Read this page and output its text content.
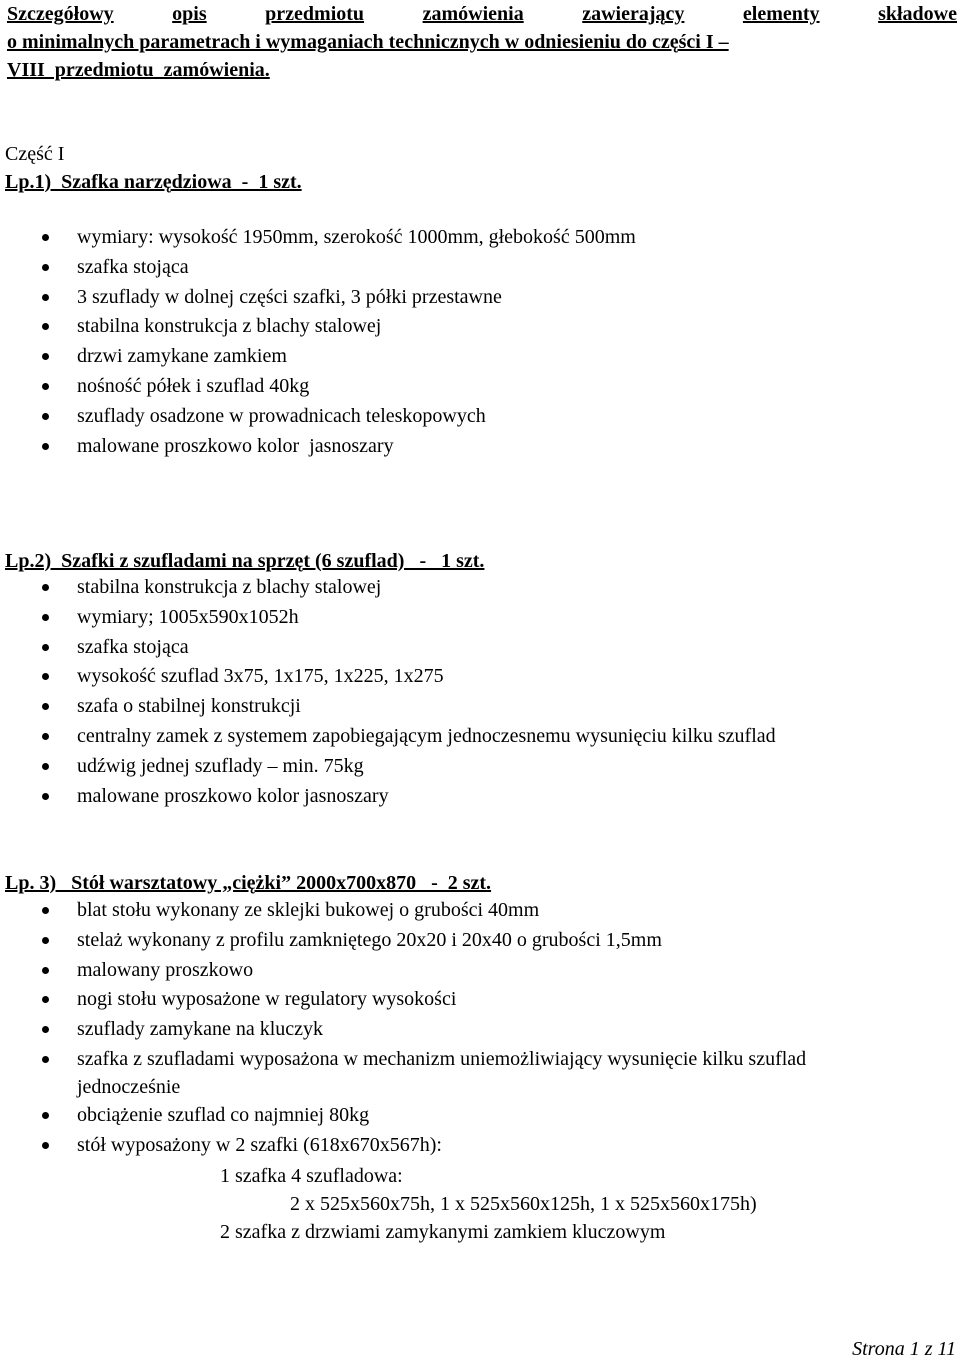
Szczegółowy	opis	przedmiotu	zamówienia	zawierający	elementy	składowe
o minimalnych parametrach i wymaganiach technicznych w odniesieniu do części I –
VIII  przedmiotu  zamówienia.
Część I
Lp.1)  Szafka narzędziowa  -  1 szt.
wymiary: wysokość 1950mm, szerokość 1000mm, głebokość 500mm
szafka stojąca
3 szuflady w dolnej części szafki, 3 półki przestawne
stabilna konstrukcja z blachy stalowej
drzwi zamykane zamkiem
nośność półek i szuflad 40kg
szuflady osadzone w prowadnicach teleskopowych
malowane proszkowo kolor  jasnoszary
Lp.2)  Szafki z szufladami na sprzęt (6 szuflad)   -   1 szt.
stabilna konstrukcja z blachy stalowej
wymiary; 1005x590x1052h
szafka stojąca
wysokość szuflad 3x75, 1x175, 1x225, 1x275
szafa o stabilnej konstrukcji
centralny zamek z systemem zapobiegającym jednoczesnemu wysunięciu kilku szuflad
udźwig jednej szuflady – min. 75kg
malowane proszkowo kolor jasnoszary
Lp. 3)   Stół warsztatowy „ciężki” 2000x700x870   -  2 szt.
blat stołu wykonany ze sklejki bukowej o grubości 40mm
stelaż wykonany z profilu zamkniętego 20x20 i 20x40 o grubości 1,5mm
malowany proszkowo
nogi stołu wyposażone w regulatory wysokości
szuflady zamykane na kluczyk
szafka z szufladami wyposażona w mechanizm uniemożliwiający wysunięcie kilku szuflad jednocześnie
obciążenie szuflad co najmniej 80kg
stół wyposażony w 2 szafki (618x670x567h):
1 szafka 4 szufladowa:
2 x 525x560x75h, 1 x 525x560x125h, 1 x 525x560x175h)
2 szafka z drzwiami zamykanymi zamkiem kluczowym
Strona 1 z 11
